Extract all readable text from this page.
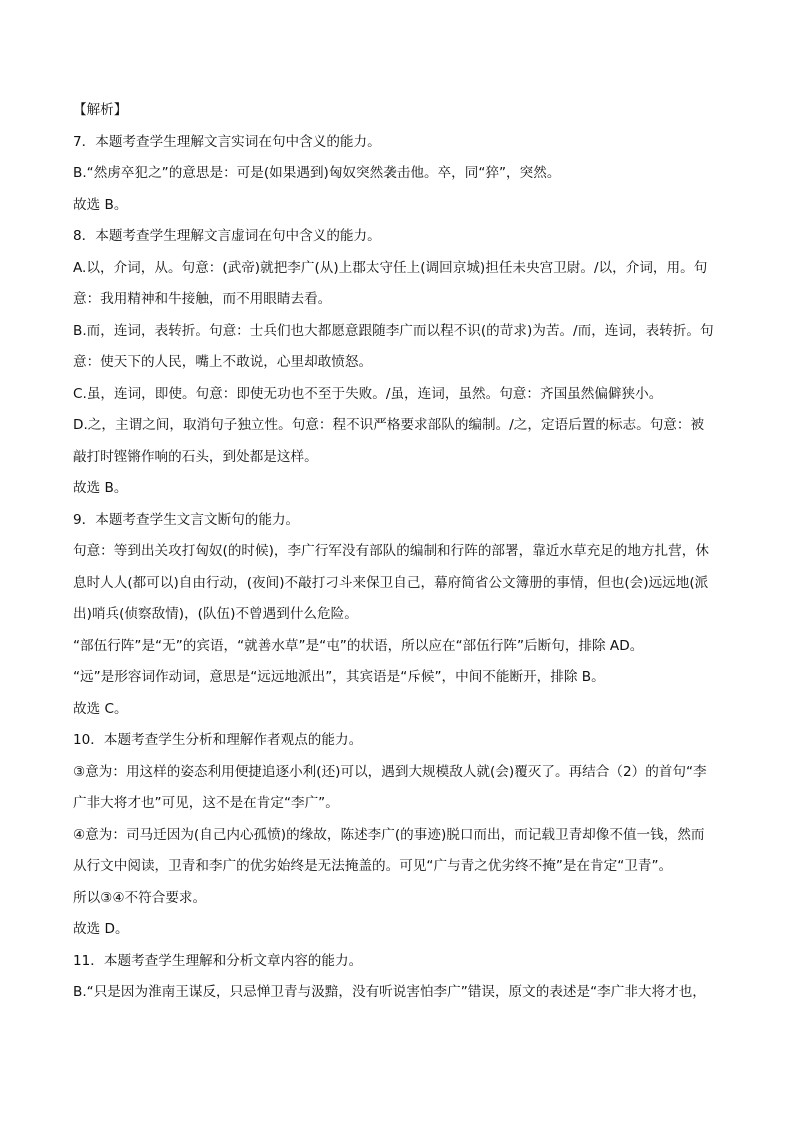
【解析】
7．本题考查学生理解文言实词在句中含义的能力。
B.“然虏卒犯之”的意思是：可是(如果遇到)匈奴突然袭击他。卒，同“猝”，突然。
故选 B。
8．本题考查学生理解文言虚词在句中含义的能力。
A.以，介词，从。句意：(武帝)就把李广(从)上郡太守任上(调回京城)担任未央宫卫尉。/以，介词，用。句
意：我用精神和牛接触，而不用眼睛去看。
B.而，连词，表转折。句意：士兵们也大都愿意跟随李广而以程不识(的苛求)为苦。/而，连词，表转折。句
意：使天下的人民，嘴上不敢说，心里却敢愤怒。
C.虽，连词，即使。句意：即使无功也不至于失败。/虽，连词，虽然。句意：齐国虽然偏僻狭小。
D.之，主谓之间，取消句子独立性。句意：程不识严格要求部队的编制。/之，定语后置的标志。句意：被
敲打时铿锵作响的石头，到处都是这样。
故选 B。
9．本题考查学生文言文断句的能力。
句意：等到出关攻打匈奴(的时候)，李广行军没有部队的编制和行阵的部署，靠近水草充足的地方扎营，休
息时人人(都可以)自由行动，(夜间)不敲打刁斗来保卫自己，幕府简省公文簿册的事情，但也(会)远远地(派
出)哨兵(侦察敌情)，(队伍)不曾遇到什么危险。
“部伍行阵”是“无”的宾语，“就善水草”是“屯”的状语，所以应在“部伍行阵”后断句，排除 AD。
“远”是形容词作动词，意思是“远远地派出”，其宾语是“斥候”，中间不能断开，排除 B。
故选 C。
10．本题考查学生分析和理解作者观点的能力。
③意为：用这样的姿态利用便捷追逐小利(还)可以，遇到大规模敌人就(会)覆灭了。再结合（2）的首句“李
广非大将才也”可见，这不是在肯定“李广”。
④意为：司马迁因为(自己内心孤愤)的缘故，陈述李广(的事迹)脱口而出，而记载卫青却像不值一钱，然而
从行文中阅读，卫青和李广的优劣始终是无法掩盖的。可见“广与青之优劣终不掩”是在肯定“卫青”。
所以③④不符合要求。
故选 D。
11．本题考查学生理解和分析文章内容的能力。
B.“只是因为淮南王谋反，只忌惮卫青与汲黯，没有听说害怕李广”错误，原文的表述是“李广非大将才也，
